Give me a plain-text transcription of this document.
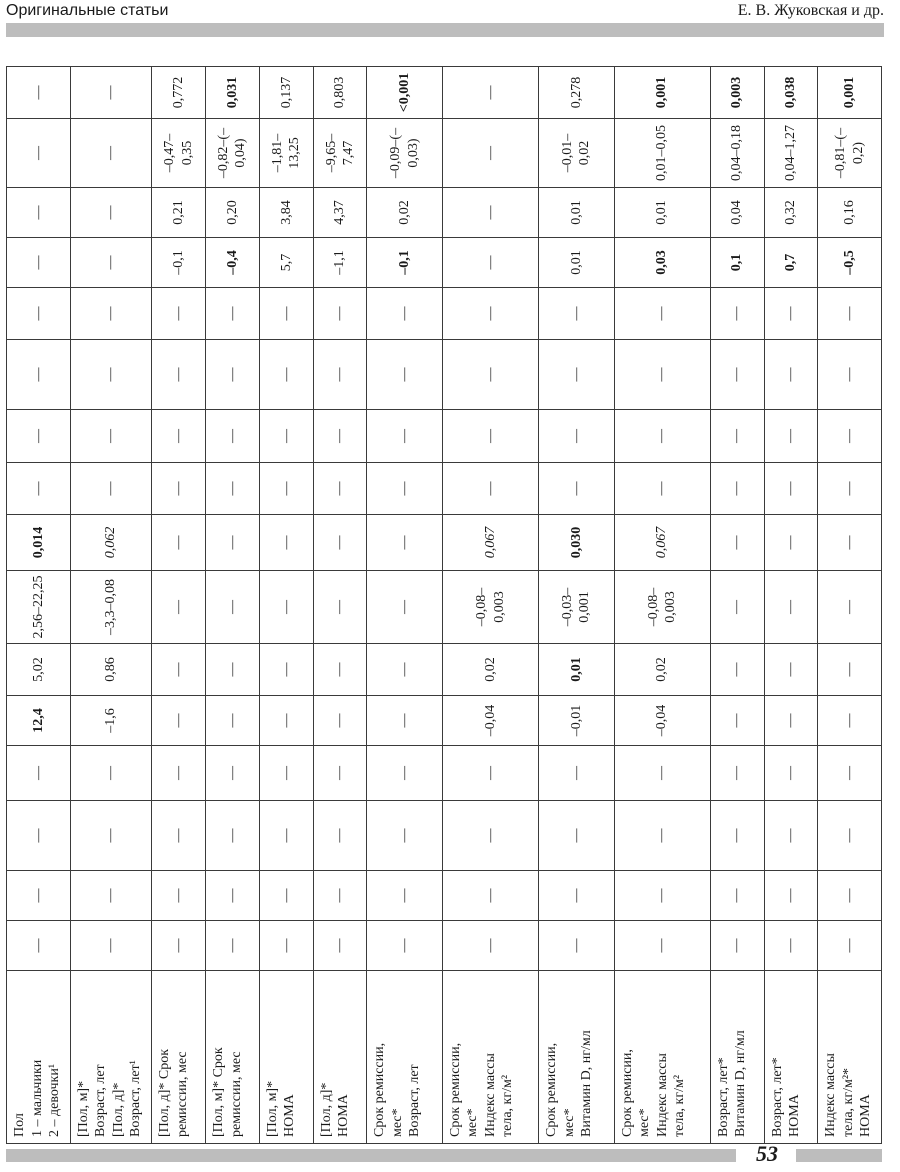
Оригинальные статьи	Е. В. Жуковская и др.
Пол 1 – мальчики 2 – девочки¹	—	—	—	—	12,4	5,02	2,56–22,25	0,014	—	—	—	—	—	—	—	—

[Пол, м]* Возраст, лет [Пол, д]* Возраст, лет¹	—	—	—	—	–1,6	0,86	–3,3–0,08	0,062	—	—	—	—	—	—	—	—

[Пол, д]* Срок ремиссии, мес	—	—	—	—	—	—	—	—	—	—	—	—	–0,1	0,21	–0,47–0,35	0,772

[Пол, м]* Срок ремиссии, мес	—	—	—	—	—	—	—	—	—	—	—	—	–0,4	0,20	–0,82–(–0,04)	0,031

[Пол, м]* HOMA	—	—	—	—	—	—	—	—	—	—	—	—	5,7	3,84	–1,81–13,25	0,137

[Пол, д]* HOMA	—	—	—	—	—	—	—	—	—	—	—	—	–1,1	4,37	–9,65–7,47	0,803

Срок ремиссии, мес* Возраст, лет	—	—	—	—	—	—	—	—	—	—	—	—	–0,1	0,02	–0,09–(–0,03)	<0,001

Срок ремиссии, мес* Индекс массы тела, кг/м²	—	—	—	—	–0,04	0,02	–0,08–0,003	0,067	—	—	—	—	—	—	—	—

Срок ремиссии, мес* Витамин D, нг/мл	—	—	—	—	–0,01	0,01	–0,03–0,001	0,030	—	—	—	—	0,01	0,01	–0,01–0,02	0,278

Срок ремисии, мес* Индекс массы тела, кг/м²	—	—	—	—	–0,04	0,02	–0,08–0,003	0,067	—	—	—	—	0,03	0,01	0,01–0,05	0,001

Возраст, лет* Витамин D, нг/мл	—	—	—	—	—	—	—	—	—	—	—	—	0,1	0,04	0,04–0,18	0,003

Возраст, лет* HOMA	—	—	—	—	—	—	—	—	—	—	—	—	0,7	0,32	0,04–1,27	0,038

Индекс массы тела, кг/м²* HOMA	—	—	—	—	—	—	—	—	—	—	—	—	–0,5	0,16	–0,81–(–0,2)	0,001
53
